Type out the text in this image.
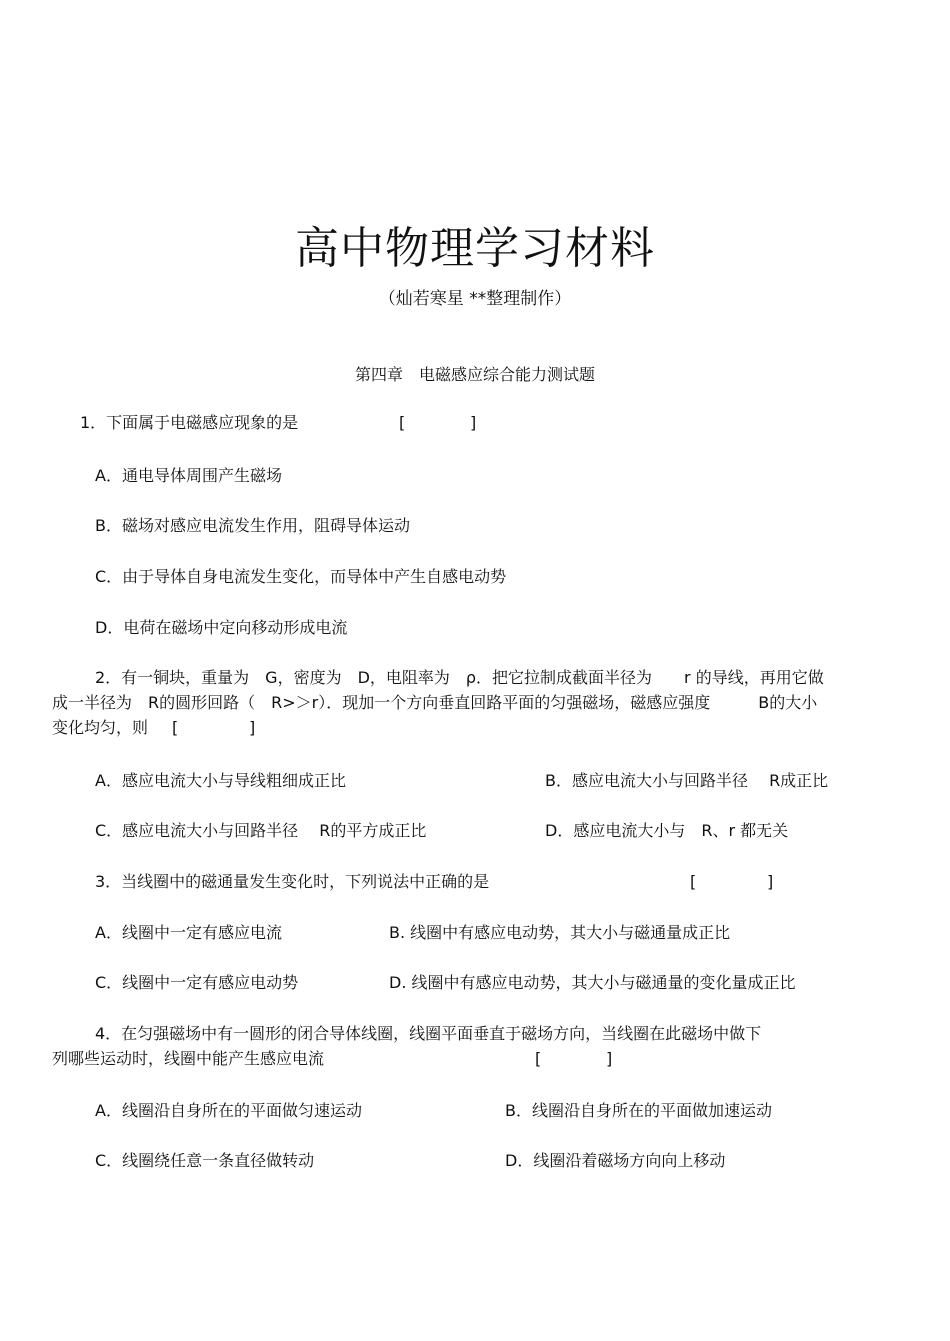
高中物理学习材料
（灿若寒星 **整理制作）
第四章　电磁感应综合能力测试题
1．下面属于电磁感应现象的是	[	]
A．通电导体周围产生磁场
B．磁场对感应电流发生作用，阻碍导体运动
C．由于导体自身电流发生变化，而导体中产生自感电动势
D．电荷在磁场中定向移动形成电流
2．有一铜块，重量为　G，密度为　D，电阻率为　ρ．把它拉制成截面半径为　　r 的导线，再用它做
成一半径为　R的圆形回路（　R>＞r）．现加一个方向垂直回路平面的匀强磁场，磁感应强度　　　B的大小
变化均匀，则 [	]
A．感应电流大小与导线粗细成正比	B．感应电流大小与回路半径　 R成正比
C．感应电流大小与回路半径　 R的平方成正比	D．感应电流大小与　R、r 都无关
3．当线圈中的磁通量发生变化时，下列说法中正确的是	[	]
A．线圈中一定有感应电流	B. 线圈中有感应电动势，其大小与磁通量成正比
C．线圈中一定有感应电动势	D. 线圈中有感应电动势，其大小与磁通量的变化量成正比
4．在匀强磁场中有一圆形的闭合导体线圈，线圈平面垂直于磁场方向，当线圈在此磁场中做下
列哪些运动时，线圈中能产生感应电流	[	]
A．线圈沿自身所在的平面做匀速运动	B．线圈沿自身所在的平面做加速运动
C．线圈绕任意一条直径做转动	D．线圈沿着磁场方向向上移动
